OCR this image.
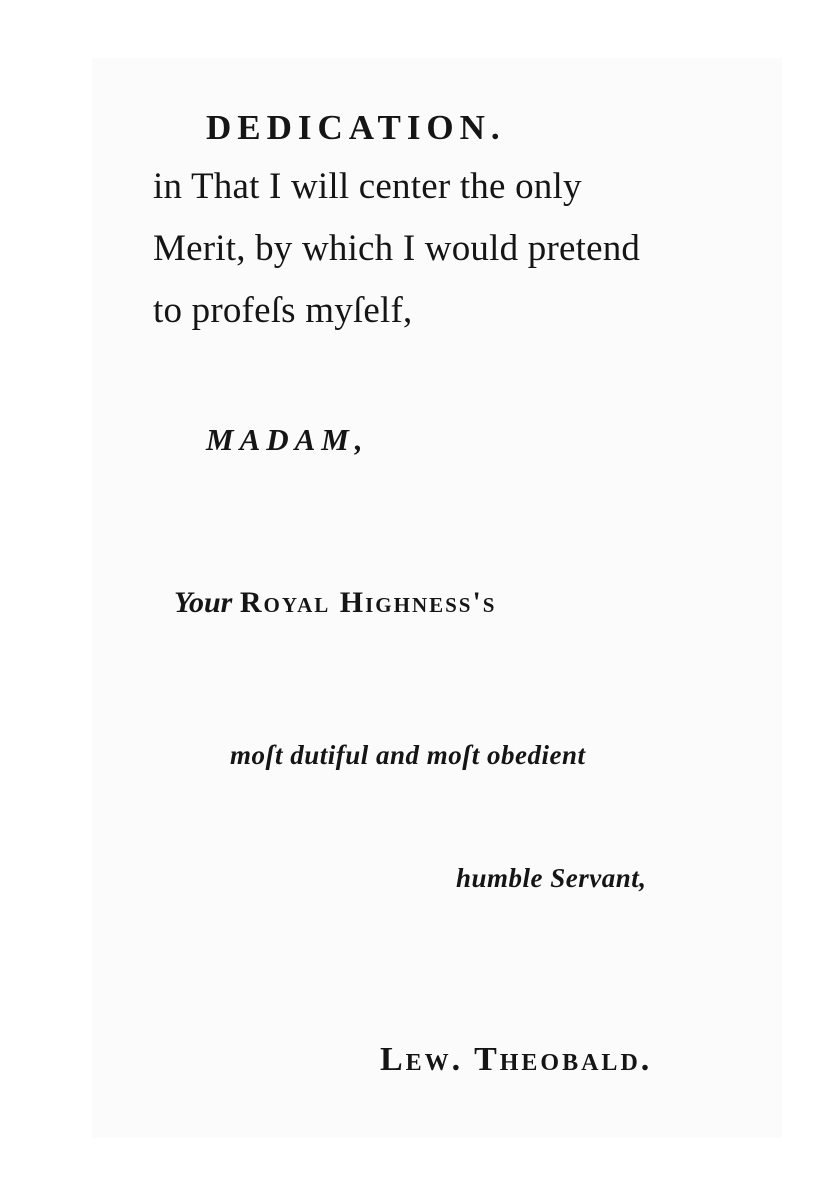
DEDICATION.
in That I will center the only
Merit, by which I would pretend
to profeſs myſelf,
MADAM,
Your Royal Highness's
moſt dutiful and moſt obedient
humble Servant,
Lew. Theobald.
